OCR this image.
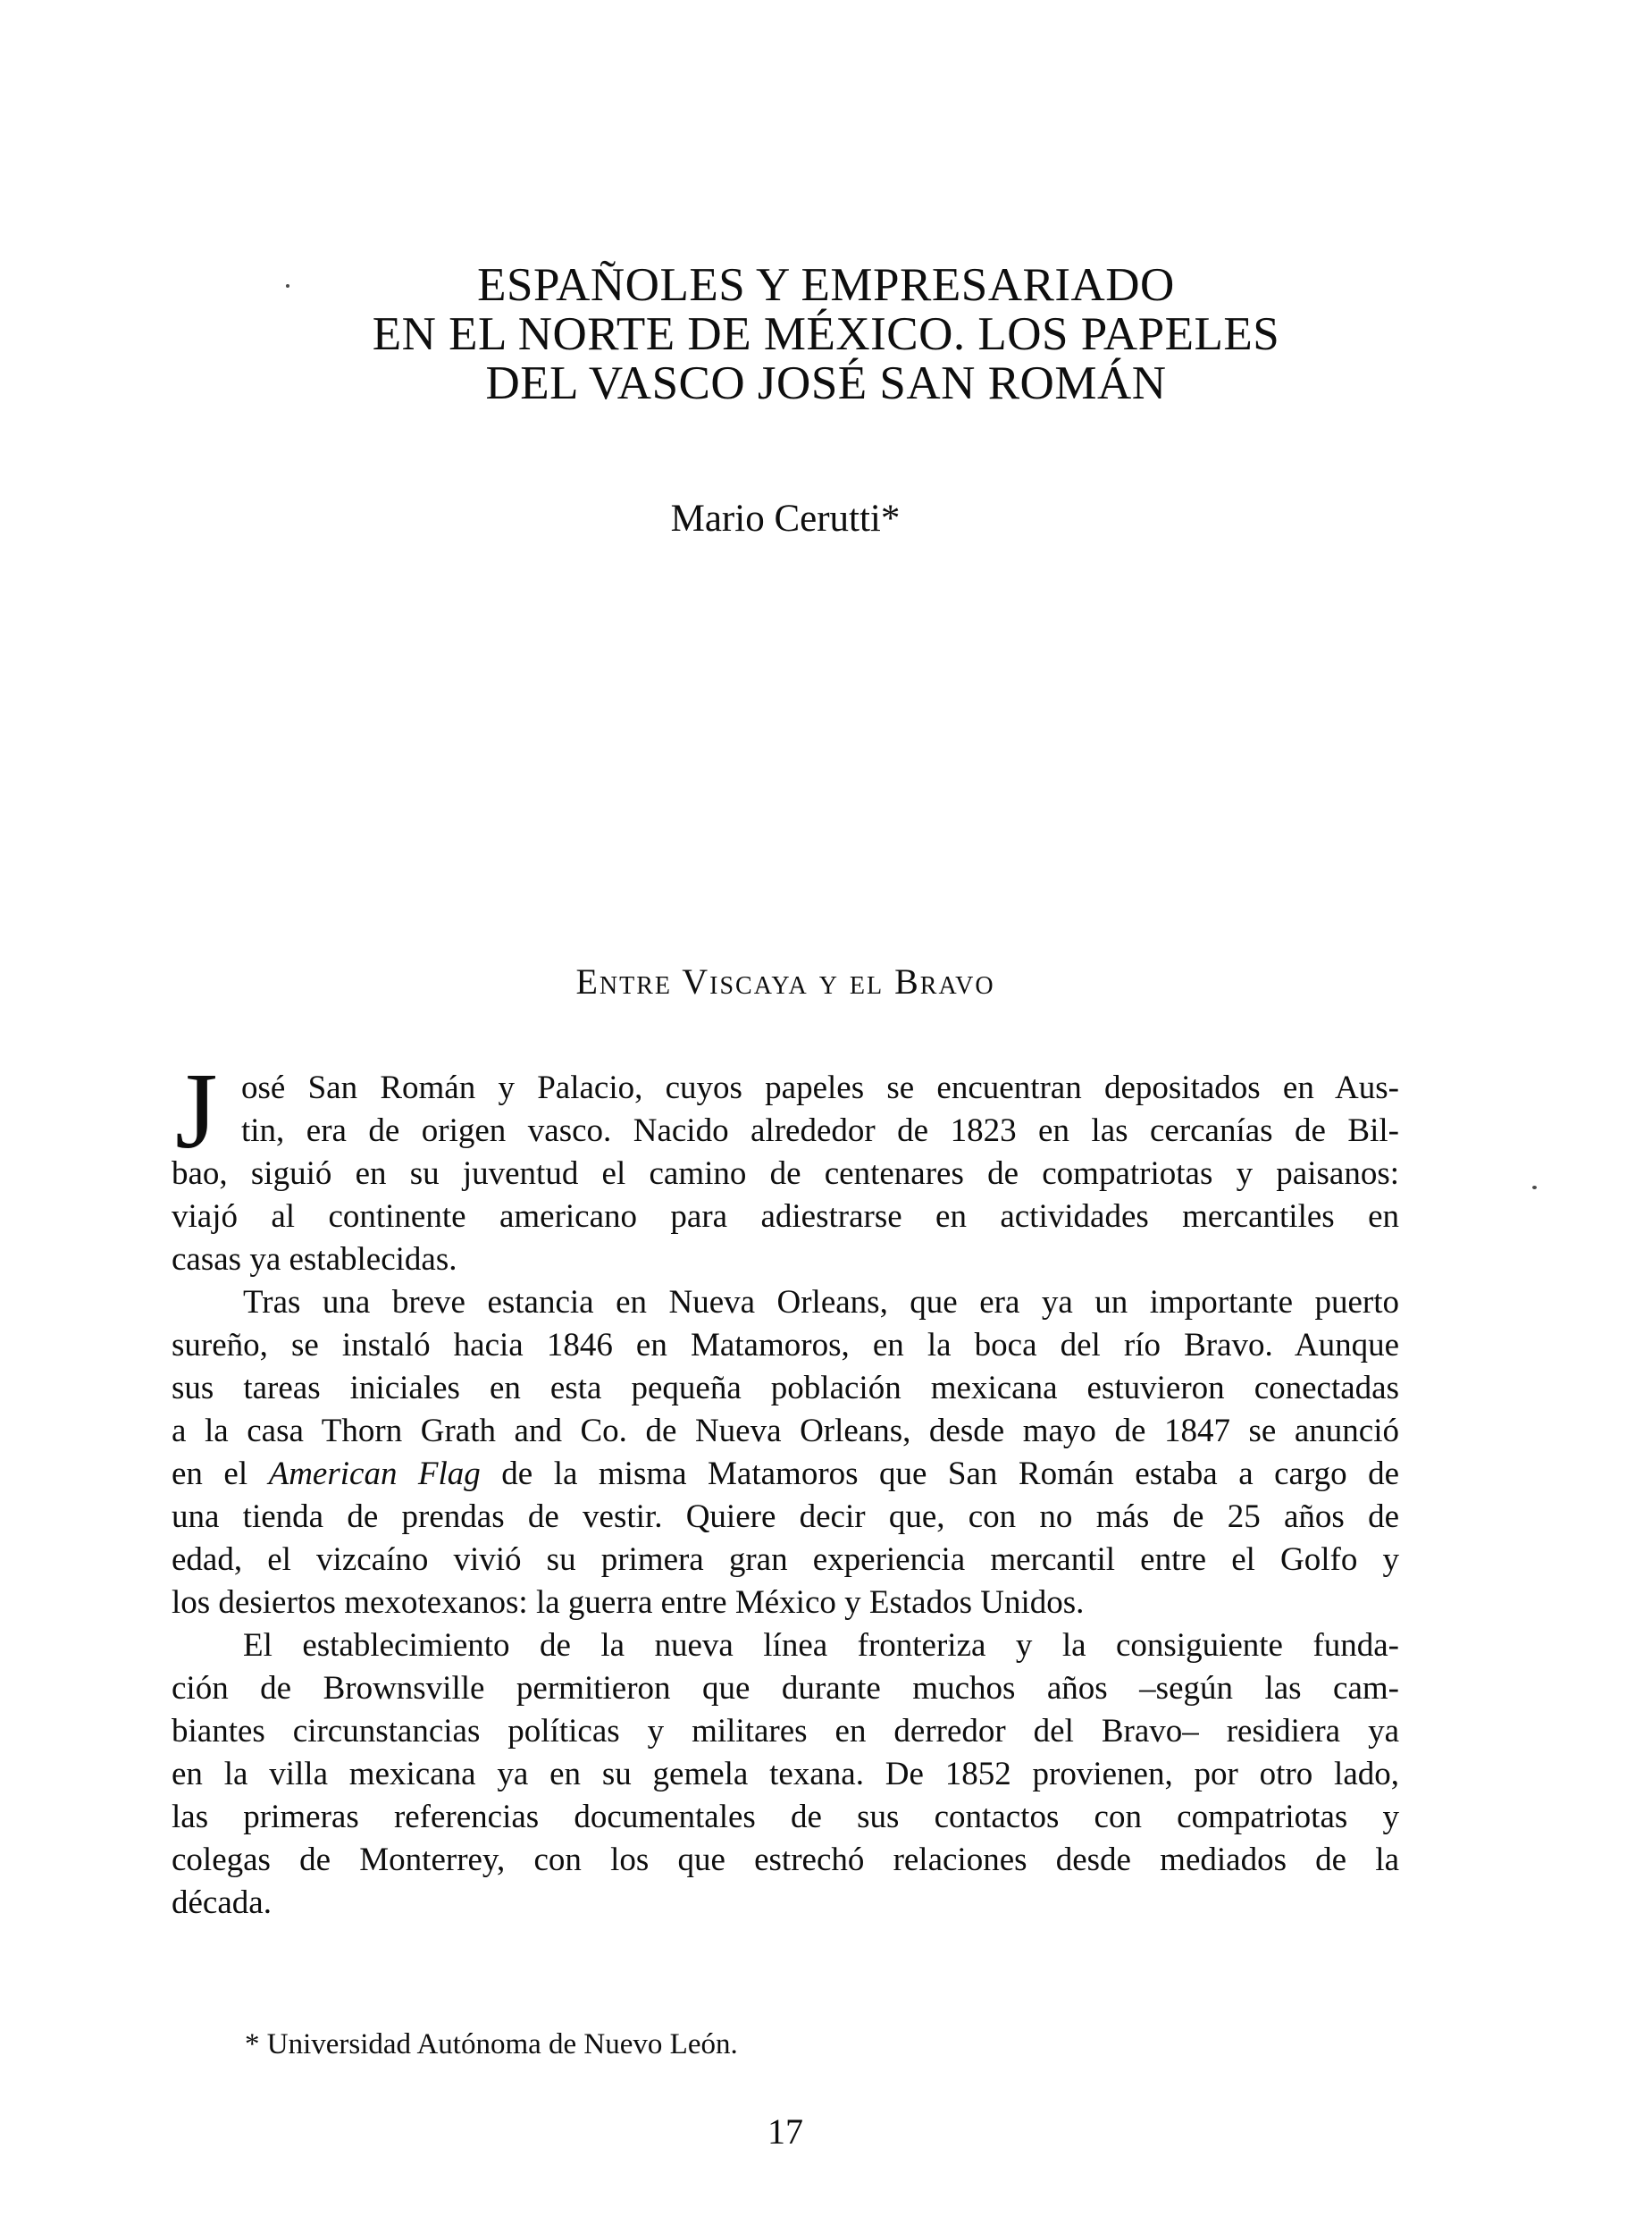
ESPAÑOLES Y EMPRESARIADO
EN EL NORTE DE MÉXICO. LOS PAPELES
DEL VASCO JOSÉ SAN ROMÁN
Mario Cerutti*
Entre Viscaya y el Bravo
J osé San Román y Palacio, cuyos papeles se encuentran depositados en Aus-
tin, era de origen vasco. Nacido alrededor de 1823 en las cercanías de Bil-
bao, siguió en su juventud el camino de centenares de compatriotas y paisanos:
viajó al continente americano para adiestrarse en actividades mercantiles en
casas ya establecidas.
Tras una breve estancia en Nueva Orleans, que era ya un importante puerto
sureño, se instaló hacia 1846 en Matamoros, en la boca del río Bravo. Aunque
sus tareas iniciales en esta pequeña población mexicana estuvieron conectadas
a la casa Thorn Grath and Co. de Nueva Orleans, desde mayo de 1847 se anunció
en el American Flag de la misma Matamoros que San Román estaba a cargo de
una tienda de prendas de vestir. Quiere decir que, con no más de 25 años de
edad, el vizcaíno vivió su primera gran experiencia mercantil entre el Golfo y
los desiertos mexotexanos: la guerra entre México y Estados Unidos.
El establecimiento de la nueva línea fronteriza y la consiguiente funda-
ción de Brownsville permitieron que durante muchos años –según las cam-
biantes circunstancias políticas y militares en derredor del Bravo– residiera ya
en la villa mexicana ya en su gemela texana. De 1852 provienen, por otro lado,
las primeras referencias documentales de sus contactos con compatriotas y
colegas de Monterrey, con los que estrechó relaciones desde mediados de la
década.
* Universidad Autónoma de Nuevo León.
17
